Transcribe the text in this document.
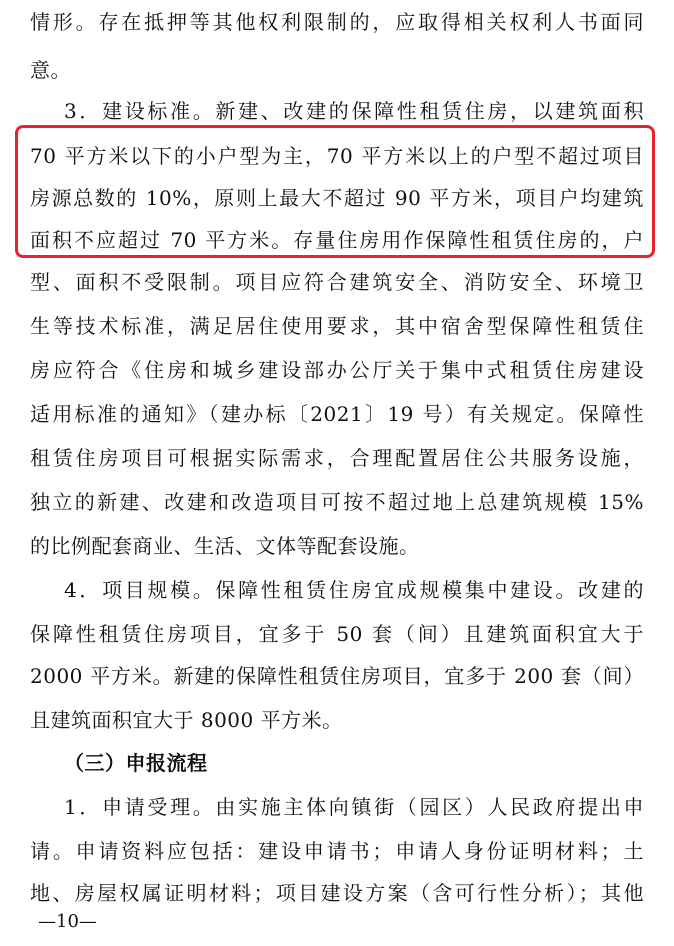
情形。存在抵押等其他权利限制的，应取得相关权利人书面同
意。
3．建设标准。新建、改建的保障性租赁住房，以建筑面积
70 平方米以下的小户型为主，70 平方米以上的户型不超过项目
房源总数的 10%，原则上最大不超过 90 平方米，项目户均建筑
面积不应超过 70 平方米。存量住房用作保障性租赁住房的，户
型、面积不受限制。项目应符合建筑安全、消防安全、环境卫
生等技术标准，满足居住使用要求，其中宿舍型保障性租赁住
房应符合《住房和城乡建设部办公厅关于集中式租赁住房建设
适用标准的通知》（建办标〔2021〕19 号）有关规定。保障性
租赁住房项目可根据实际需求，合理配置居住公共服务设施，
独立的新建、改建和改造项目可按不超过地上总建筑规模 15%
的比例配套商业、生活、文体等配套设施。
4．项目规模。保障性租赁住房宜成规模集中建设。改建的
保障性租赁住房项目，宜多于 50 套（间）且建筑面积宜大于
2000 平方米。新建的保障性租赁住房项目，宜多于 200 套（间）
且建筑面积宜大于 8000 平方米。
（三）申报流程
1．申请受理。由实施主体向镇街（园区）人民政府提出申
请。申请资料应包括：建设申请书；申请人身份证明材料；土
地、房屋权属证明材料；项目建设方案（含可行性分析）；其他
—10—
